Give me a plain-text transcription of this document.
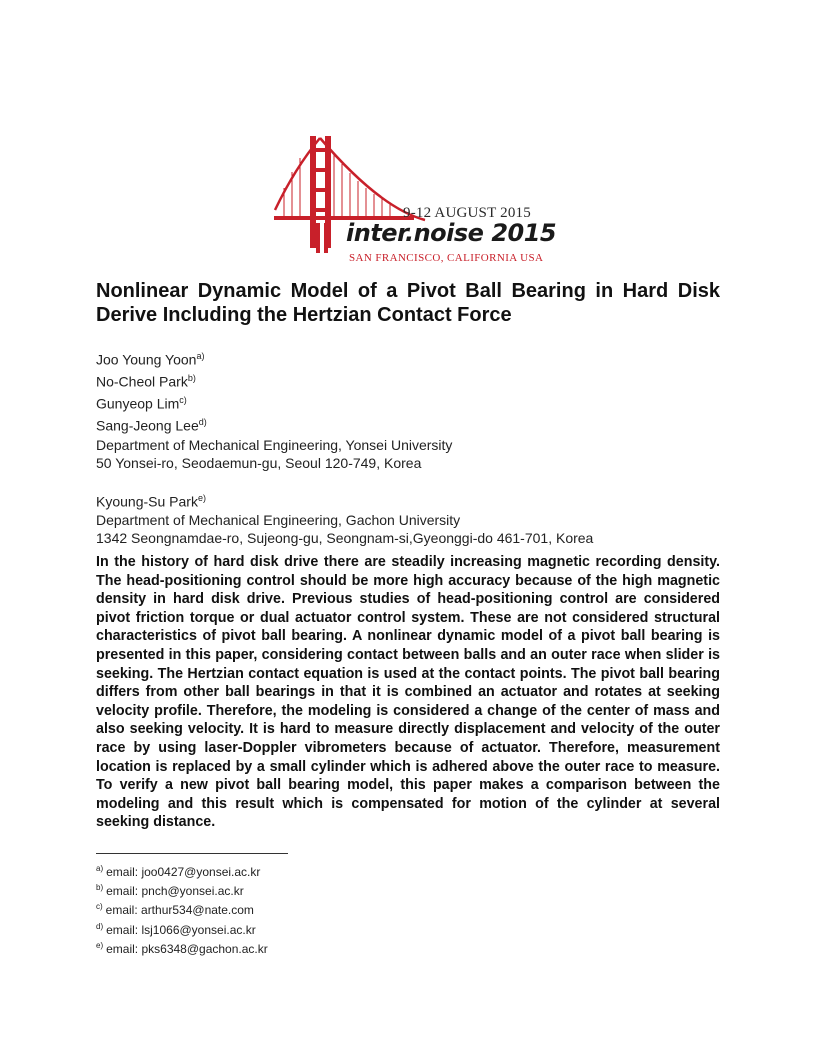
9-12 AUGUST 2015
inter.noise 2015
SAN FRANCISCO, CALIFORNIA USA
Nonlinear Dynamic Model of a Pivot Ball Bearing in Hard Disk Derive Including the Hertzian Contact Force
Joo Young Yoon$^{a)}$
No-Cheol Park$^{b)}$
Gunyeop Lim$^{c)}$
Sang-Jeong Lee$^{d)}$
Department of Mechanical Engineering, Yonsei University
50 Yonsei-ro, Seodaemun-gu, Seoul 120-749, Korea
Kyoung-Su Park$^{e)}$
Department of Mechanical Engineering, Gachon University
1342 Seongnamdae-ro, Sujeong-gu, Seongnam-si,Gyeonggi-do 461-701, Korea
In the history of hard disk drive there are steadily increasing magnetic recording density. The head-positioning control should be more high accuracy because of the high magnetic density in hard disk drive. Previous studies of head-positioning control are considered pivot friction torque or dual actuator control system. These are not considered structural characteristics of pivot ball bearing. A nonlinear dynamic model of a pivot ball bearing is presented in this paper, considering contact between balls and an outer race when slider is seeking. The Hertzian contact equation is used at the contact points. The pivot ball bearing differs from other ball bearings in that it is combined an actuator and rotates at seeking velocity profile. Therefore, the modeling is considered a change of the center of mass and also seeking velocity. It is hard to measure directly displacement and velocity of the outer race by using laser-Doppler vibrometers because of actuator. Therefore, measurement location is replaced by a small cylinder which is adhered above the outer race to measure. To verify a new pivot ball bearing model, this paper makes a comparison between the modeling and this result which is compensated for motion of the cylinder at several seeking distance.
$^{a)}$ email: joo0427@yonsei.ac.kr
$^{b)}$ email: pnch@yonsei.ac.kr
$^{c)}$ email: arthur534@nate.com
$^{d)}$ email: lsj1066@yonsei.ac.kr
$^{e)}$ email: pks6348@gachon.ac.kr
